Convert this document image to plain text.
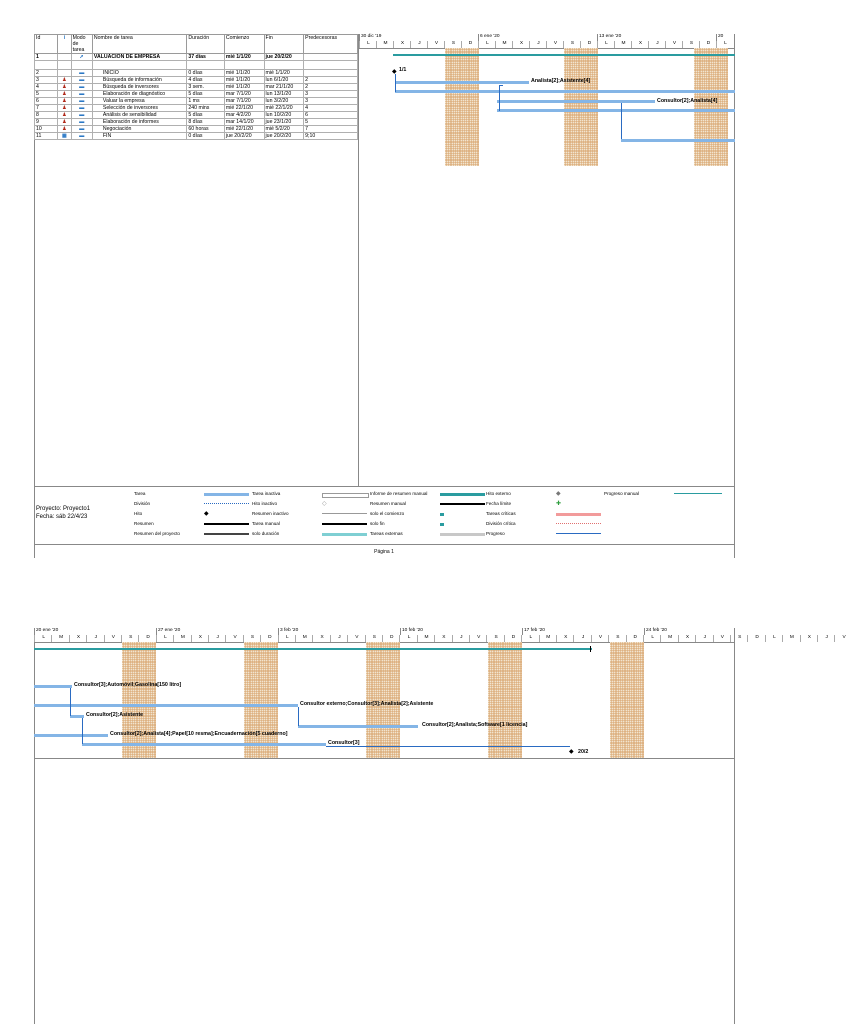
Id	i	Modo de tarea	Nombre de tarea	Duración	Comienzo	Fin	Predecesoras
1		➚	VALUACION DE EMPRESA	37 días	mié 1/1/20	jue 20/2/20	

2		▬	INICIO	0 días	mié 1/1/20	mié 1/1/20	
3	♟	▬	Búsqueda de información	4 días	mié 1/1/20	lun 6/1/20	2
4	♟	▬	Búsqueda de inversores	3 sem.	mié 1/1/20	mar 21/1/20	2
5	♟	▬	Elaboración de diagnóstico	5 días	mar 7/1/20	lun 13/1/20	3
6	♟	▬	Valuar la empresa	1 ms	mar 7/1/20	lun 3/2/20	3
7	♟	▬	Selección de inversores	240 mins	mié 22/1/20	mié 22/1/20	4
8	♟	▬	Análisis de sensibilidad	5 días	mar 4/2/20	lun 10/2/20	6
9	♟	▬	Elaboración de informes	8 días	mar 14/1/20	jue 23/1/20	5
10	♟	▬	Negociación	60 horas	mié 22/1/20	mié 5/2/20	7
11	▦	▬	FIN	0 días	jue 20/2/20	jue 20/2/20	9;10
30 dic '19	6 ene '20	13 ene '20	20
L	M	X	J	V	S	D	L	M	X	J	V	S	D	L	M	X	J	V	S	D	L
◆ 1/1
Analista[2];Asistente[4]
Consultor[2];Analista[4]
Proyecto: Proyecto1
Fecha: sáb 22/4/23
Tarea
División
Hito	◆
Resumen
Resumen del proyecto
Tarea inactiva
Hito inactivo	◇
Resumen inactivo
Tarea manual
solo duración
Informe de resumen manual
Resumen manual
solo el comienzo
solo fin
Tareas externas
Hito externo	◆
Fecha límite	✚
Tareas críticas
División crítica
Progreso
Progreso manual
Página 1
20 ene '20	27 ene '20	3 feb '20	10 feb '20	17 feb '20	24 feb '20
L	M	X	J	V	S	D	L	M	X	J	V	S	D	L	M	X	J	V	S	D	L	M	X	J	V	S	D	L	M	X	J	V	S	D	L	M	X	J	V	S	D	L	M	X	J	V
Consultor[3];Automóvil;Gasolina[150 litro]
Consultor externo;Consultor[3];Analista[2];Asistente
Consultor[2];Asistente
Consultor[2];Analista;Software[1 licencia]
Consultor[2];Analista[4];Papel[10 resma];Encuadernación[5 cuaderno]
Consultor[3]
◆ 20/2
